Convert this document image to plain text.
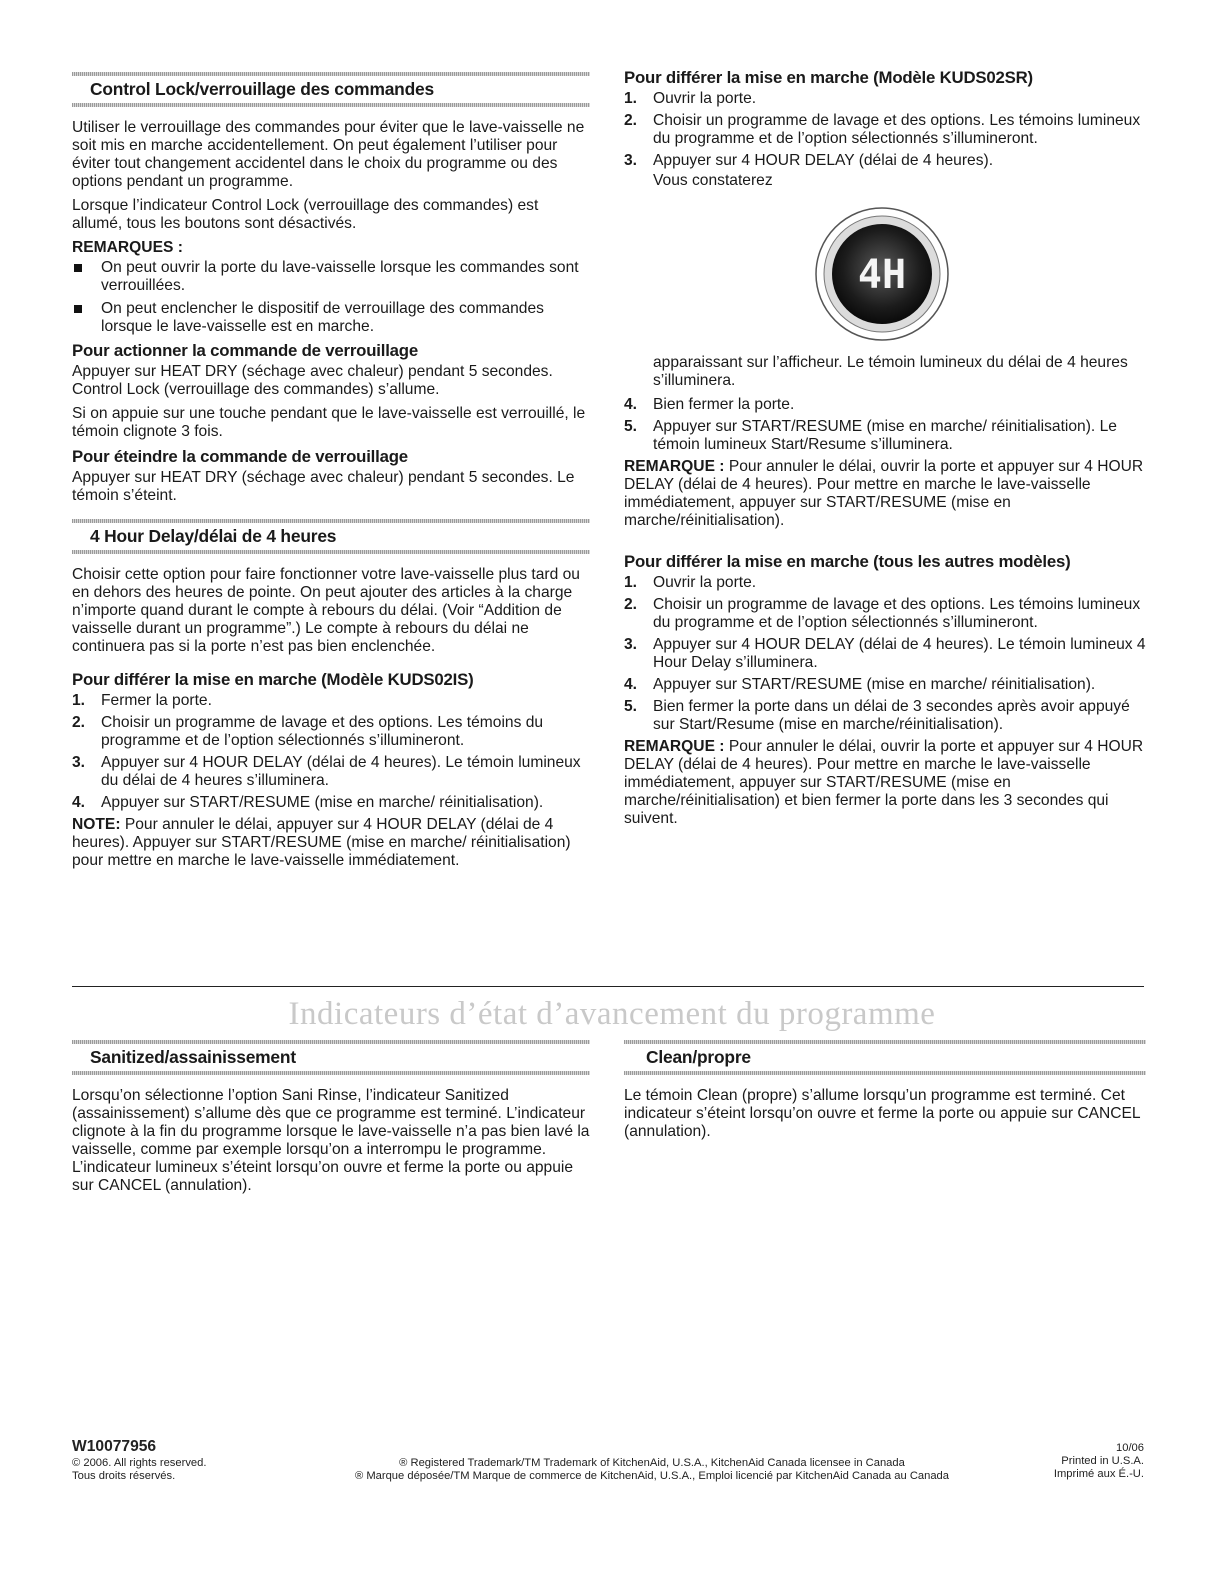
Control Lock/verrouillage des commandes

Utiliser le verrouillage des commandes pour éviter que le lave-vaisselle ne soit mis en marche accidentellement. On peut également l’utiliser pour éviter tout changement accidentel dans le choix du programme ou des options pendant un programme.

Lorsque l’indicateur Control Lock (verrouillage des commandes) est allumé, tous les boutons sont désactivés.

REMARQUES :
On peut ouvrir la porte du lave-vaisselle lorsque les commandes sont verrouillées.
On peut enclencher le dispositif de verrouillage des commandes lorsque le lave-vaisselle est en marche.
Pour actionner la commande de verrouillage

Appuyer sur HEAT DRY (séchage avec chaleur) pendant 5 secondes. Control Lock (verrouillage des commandes) s’allume.

Si on appuie sur une touche pendant que le lave-vaisselle est verrouillé, le témoin clignote 3 fois.

Pour éteindre la commande de verrouillage

Appuyer sur HEAT DRY (séchage avec chaleur) pendant 5 secondes. Le témoin s’éteint.

4 Hour Delay/délai de 4 heures

Choisir cette option pour faire fonctionner votre lave-vaisselle plus tard ou en dehors des heures de pointe. On peut ajouter des articles à la charge n’importe quand durant le compte à rebours du délai. (Voir “Addition de vaisselle durant un programme”.) Le compte à rebours du délai ne continuera pas si la porte n’est pas bien enclenchée.

Pour différer la mise en marche (Modèle KUDS02IS)
1. Fermer la porte.
2. Choisir un programme de lavage et des options. Les témoins du programme et de l’option sélectionnés s’illumineront.
3. Appuyer sur 4 HOUR DELAY (délai de 4 heures). Le témoin lumineux du délai de 4 heures s’illuminera.
4. Appuyer sur START/RESUME (mise en marche/ réinitialisation).

NOTE: Pour annuler le délai, appuyer sur 4 HOUR DELAY (délai de 4 heures). Appuyer sur START/RESUME (mise en marche/ réinitialisation) pour mettre en marche le lave-vaisselle immédiatement.

Pour différer la mise en marche (Modèle KUDS02SR)
1. Ouvrir la porte.
2. Choisir un programme de lavage et des options. Les témoins lumineux du programme et de l’option sélectionnés s’illumineront.
3. Appuyer sur 4 HOUR DELAY (délai de 4 heures).
Vous constaterez
4H
apparaissant sur l’afficheur. Le témoin lumineux du délai de 4 heures s’illuminera.
4. Bien fermer la porte.
5. Appuyer sur START/RESUME (mise en marche/ réinitialisation). Le témoin lumineux Start/Resume s’illuminera.

REMARQUE : Pour annuler le délai, ouvrir la porte et appuyer sur 4 HOUR DELAY (délai de 4 heures). Pour mettre en marche le lave-vaisselle immédiatement, appuyer sur START/RESUME (mise en marche/réinitialisation).

Pour différer la mise en marche (tous les autres modèles)
1. Ouvrir la porte.
2. Choisir un programme de lavage et des options. Les témoins lumineux du programme et de l’option sélectionnés s’illumineront.
3. Appuyer sur 4 HOUR DELAY (délai de 4 heures). Le témoin lumineux 4 Hour Delay s’illuminera.
4. Appuyer sur START/RESUME (mise en marche/ réinitialisation).
5. Bien fermer la porte dans un délai de 3 secondes après avoir appuyé sur Start/Resume (mise en marche/réinitialisation).

REMARQUE : Pour annuler le délai, ouvrir la porte et appuyer sur 4 HOUR DELAY (délai de 4 heures). Pour mettre en marche le lave-vaisselle immédiatement, appuyer sur START/RESUME (mise en marche/réinitialisation) et bien fermer la porte dans les 3 secondes qui suivent.

Indicateurs d’état d’avancement du programme
Sanitized/assainissement

Lorsqu’on sélectionne l’option Sani Rinse, l’indicateur Sanitized (assainissement) s’allume dès que ce programme est terminé. L’indicateur clignote à la fin du programme lorsque le lave-vaisselle n’a pas bien lavé la vaisselle, comme par exemple lorsqu’on a interrompu le programme. L’indicateur lumineux s’éteint lorsqu’on ouvre et ferme la porte ou appuie sur CANCEL (annulation).

Clean/propre

Le témoin Clean (propre) s’allume lorsqu’un programme est terminé. Cet indicateur s’éteint lorsqu’on ouvre et ferme la porte ou appuie sur CANCEL (annulation).

W10077956
© 2006. All rights reserved.
Tous droits réservés.
® Registered Trademark/TM Trademark of KitchenAid, U.S.A., KitchenAid Canada licensee in Canada
® Marque déposée/TM Marque de commerce de KitchenAid, U.S.A., Emploi licencié par KitchenAid Canada au Canada
10/06
Printed in U.S.A.
Imprimé aux É.-U.
